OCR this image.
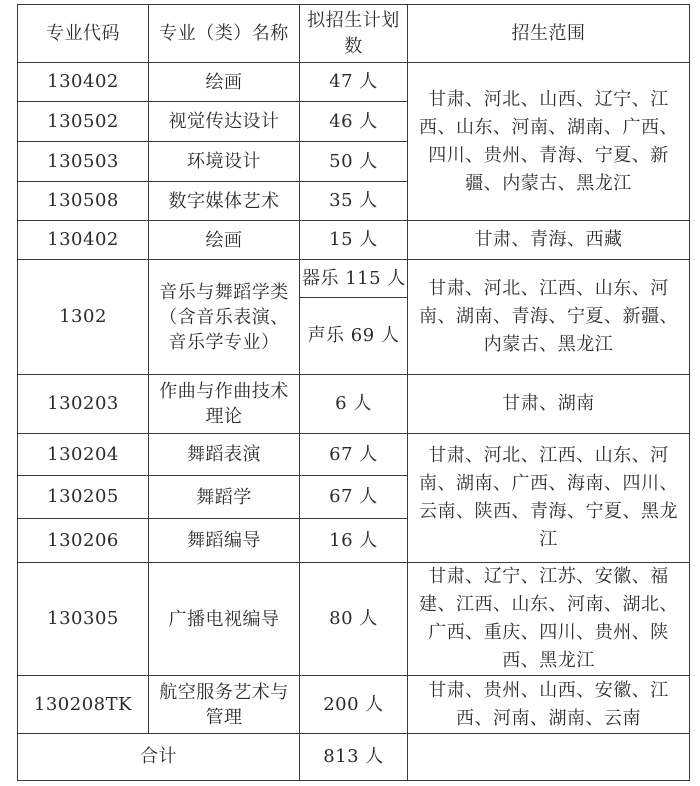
专业代码	专业（类）名称	拟招生计划数	招生范围
130402	绘画	47 人	甘肃、河北、山西、辽宁、江西、山东、河南、湖南、广西、四川、贵州、青海、宁夏、新疆、内蒙古、黑龙江
130502	视觉传达设计	46 人	
130503	环境设计	50 人	
130508	数字媒体艺术	35 人	
130402	绘画	15 人	甘肃、青海、西藏
1302	音乐与舞蹈学类（含音乐表演、音乐学专业）	器乐 115 人	甘肃、河北、江西、山东、河南、湖南、青海、宁夏、新疆、内蒙古、黑龙江
		声乐 69 人	
130203	作曲与作曲技术理论	6 人	甘肃、湖南
130204	舞蹈表演	67 人	甘肃、河北、江西、山东、河南、湖南、广西、海南、四川、云南、陕西、青海、宁夏、黑龙江
130205	舞蹈学	67 人	
130206	舞蹈编导	16 人	
130305	广播电视编导	80 人	甘肃、辽宁、江苏、安徽、福建、江西、山东、河南、湖北、广西、重庆、四川、贵州、陕西、黑龙江
130208TK	航空服务艺术与管理	200 人	甘肃、贵州、山西、安徽、江西、河南、湖南、云南
合计		813 人	
